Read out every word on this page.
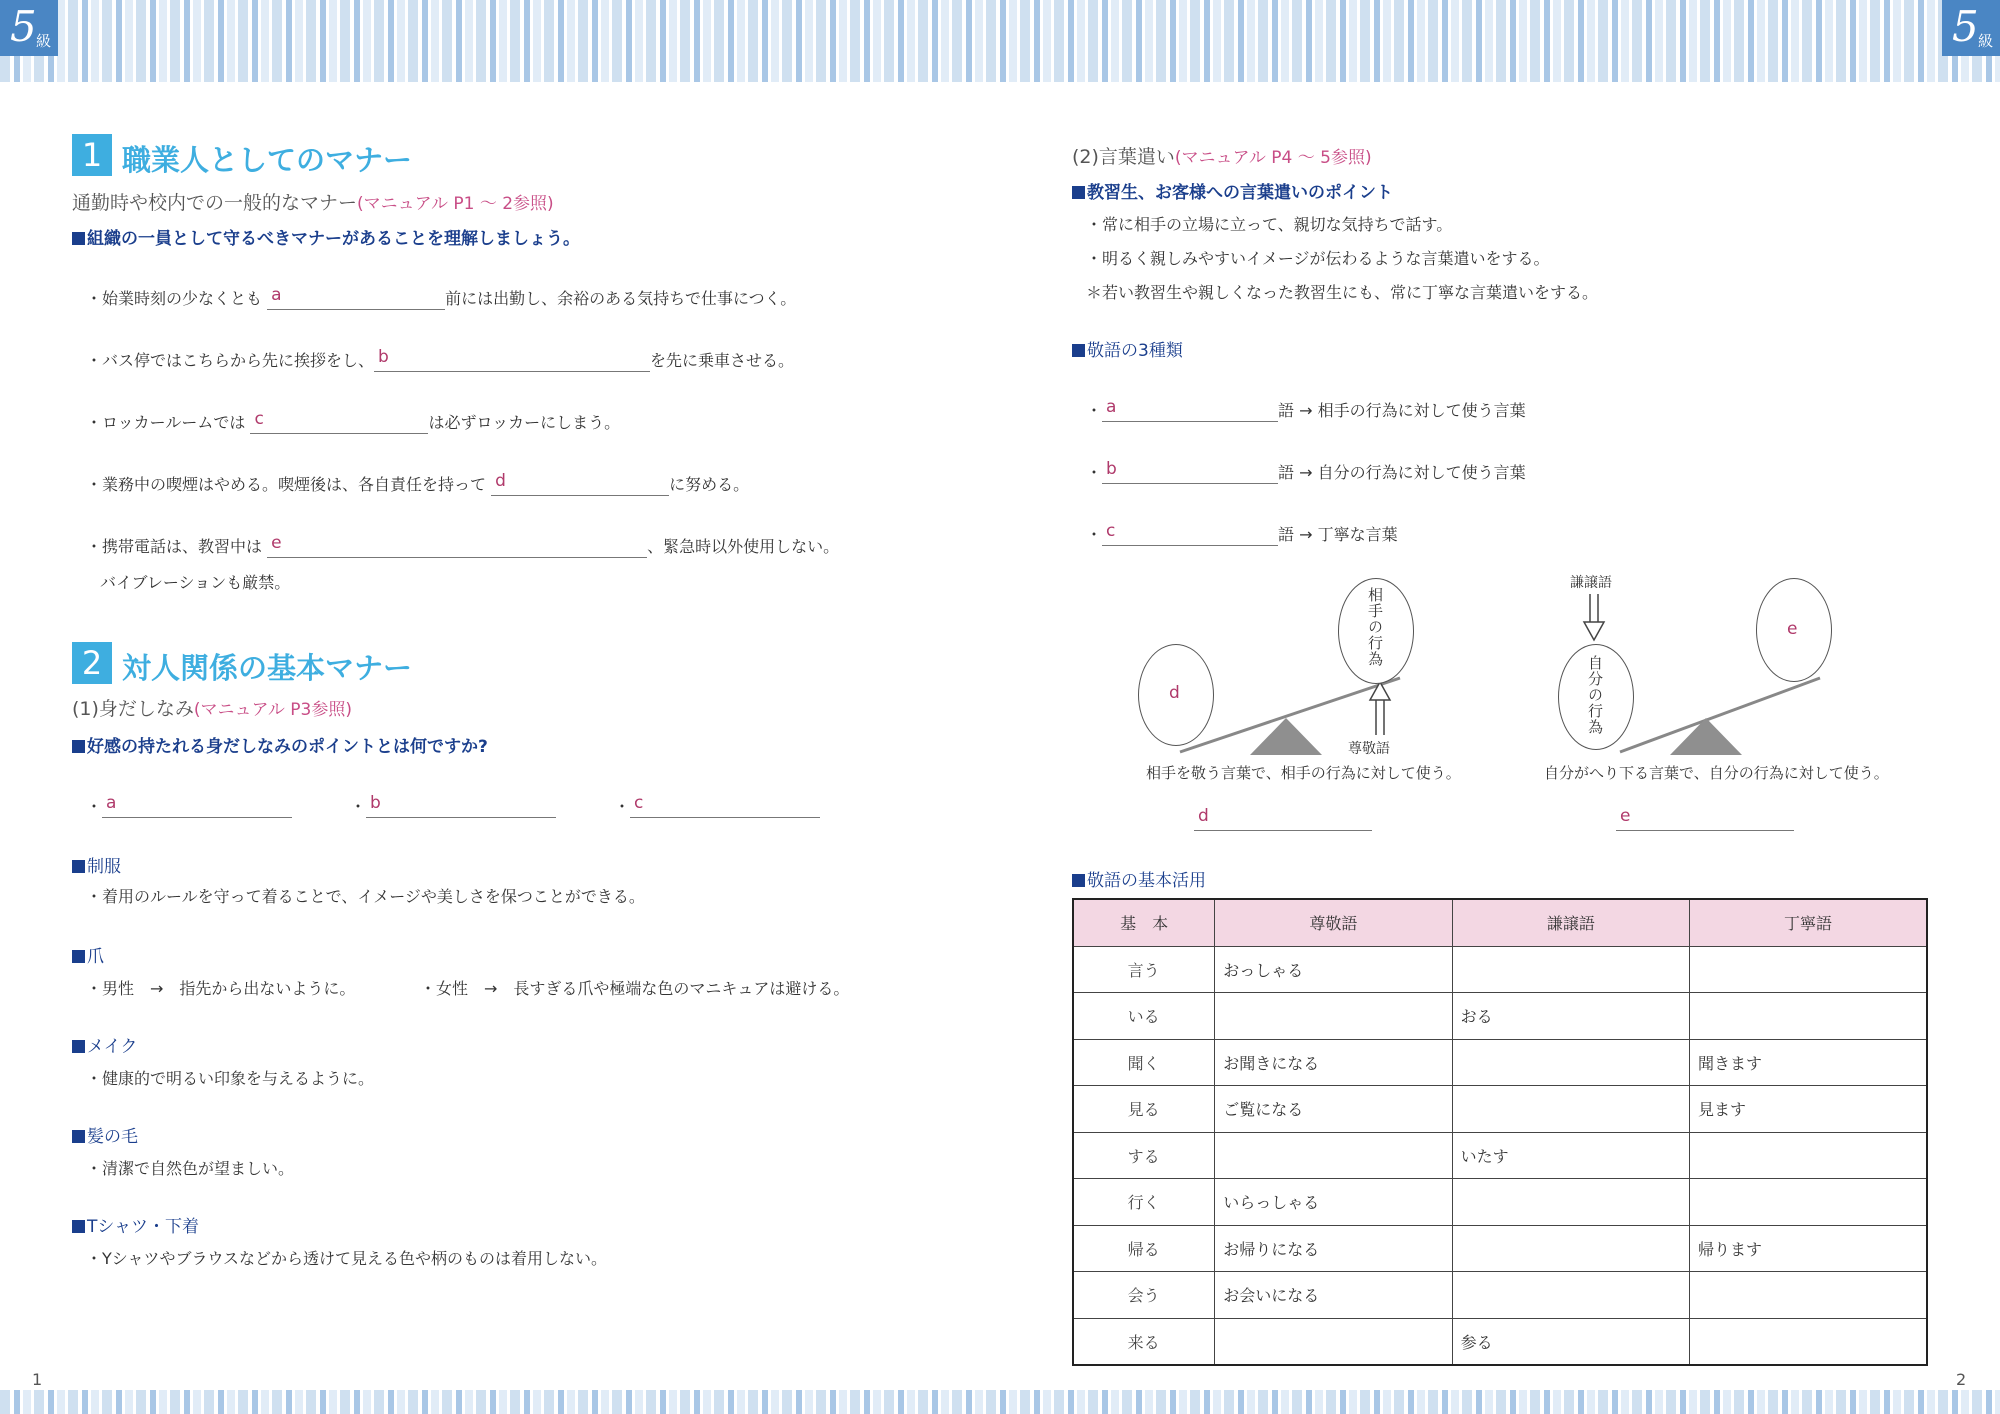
5 級	5 級
1 職業人としてのマナー
通勤時や校内での一般的なマナー(マニュアル P1 ～ 2参照)
組織の一員として守るべきマナーがあることを理解しましょう。
・始業時刻の少なくとも a	前には出勤し、余裕のある気持ちで仕事につく。
・バス停ではこちらから先に挨拶をし、 b	を先に乗車させる。
・ロッカールームでは c	は必ずロッカーにしまう。
・業務中の喫煙はやめる。喫煙後は、各自責任を持って d	に努める。
・携帯電話は、教習中は e	、緊急時以外使用しない。
バイブレーションも厳禁。
2 対人関係の基本マナー
(1)身だしなみ(マニュアル P3参照)
好感の持たれる身だしなみのポイントとは何ですか?
・ a	・ b	・ c
制服
・着用のルールを守って着ることで、イメージや美しさを保つことができる。
爪
・男性　→　指先から出ないように。	・女性　→　長すぎる爪や極端な色のマニキュアは避ける。
メイク
・健康的で明るい印象を与えるように。
髪の毛
・清潔で自然色が望ましい。
Tシャツ・下着
・Yシャツやブラウスなどから透けて見える色や柄のものは着用しない。
1
(2)言葉遣い(マニュアル P4 ～ 5参照)
教習生、お客様への言葉遣いのポイント
・常に相手の立場に立って、親切な気持ちで話す。
・明るく親しみやすいイメージが伝わるような言葉遣いをする。
＊若い教習生や親しくなった教習生にも、常に丁寧な言葉遣いをする。
敬語の3種類
・ a	語 → 相手の行為に対して使う言葉
・ b	語 → 自分の行為に対して使う言葉
・ c	語 → 丁寧な言葉
d
相手の行為
尊敬語
相手を敬う言葉で、相手の行為に対して使う。
d
謙譲語
自分の行為
e
自分がへり下る言葉で、自分の行為に対して使う。
e
敬語の基本活用
基　本	尊敬語	謙譲語	丁寧語
言う	おっしゃる		
いる		おる	
聞く	お聞きになる		聞きます
見る	ご覧になる		見ます
する		いたす	
行く	いらっしゃる		
帰る	お帰りになる		帰ります
会う	お会いになる		
来る		参る	
2
